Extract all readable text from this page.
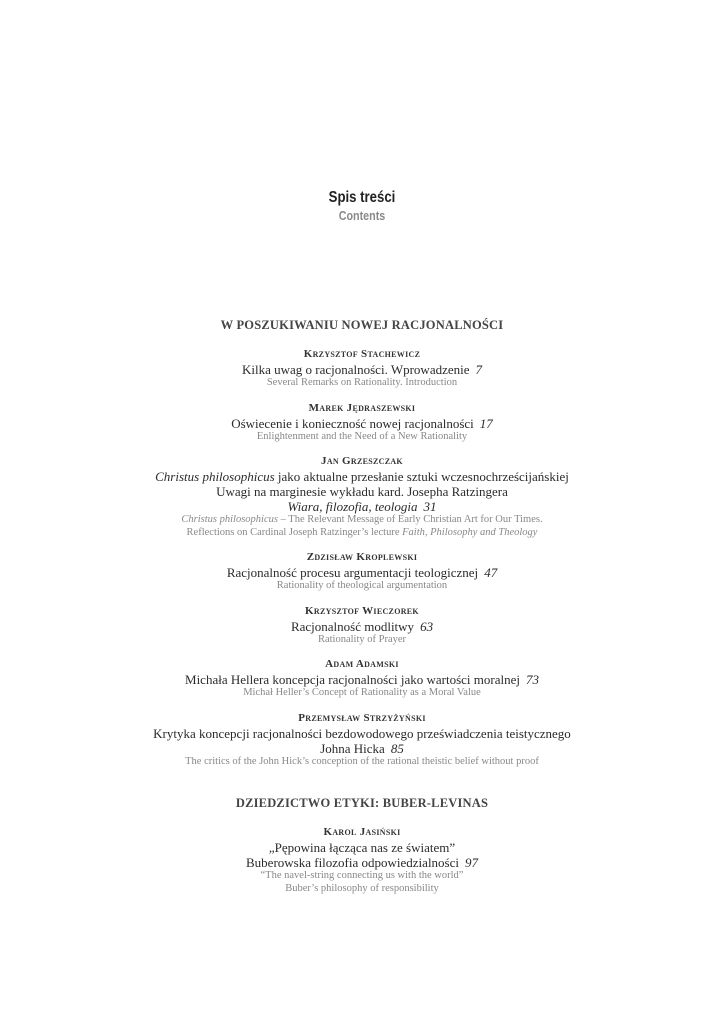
Spis treści
Contents
W POSZUKIWANIU NOWEJ RACJONALNOŚCI
Krzysztof Stachewicz
Kilka uwag o racjonalności. Wprowadzenie 7
Several Remarks on Rationality. Introduction
Marek Jędraszewski
Oświecenie i konieczność nowej racjonalności 17
Enlightenment and the Need of a New Rationality
Jan Grzeszczak
Christus philosophicus jako aktualne przesłanie sztuki wczesnochrześcijańskiej
Uwagi na marginesie wykładu kard. Josepha Ratzingera
Wiara, filozofia, teologia 31
Christus philosophicus – The Relevant Message of Early Christian Art for Our Times.
Reflections on Cardinal Joseph Ratzinger’s lecture Faith, Philosophy and Theology
Zdzisław Kroplewski
Racjonalność procesu argumentacji teologicznej 47
Rationality of theological argumentation
Krzysztof Wieczorek
Racjonalność modlitwy 63
Rationality of Prayer
Adam Adamski
Michała Hellera koncepcja racjonalności jako wartości moralnej 73
Michał Heller’s Concept of Rationality as a Moral Value
Przemysław Strzyżyński
Krytyka koncepcji racjonalności bezdowodowego przeświadczenia teistycznego
Johna Hicka 85
The critics of the John Hick’s conception of the rational theistic belief without proof
DZIEDZICTWO ETYKI: BUBER-LEVINAS
Karol Jasiński
„Pępowina łącząca nas ze światem”
Buberowska filozofia odpowiedzialności 97
“The navel-string connecting us with the world”
Buber’s philosophy of responsibility
